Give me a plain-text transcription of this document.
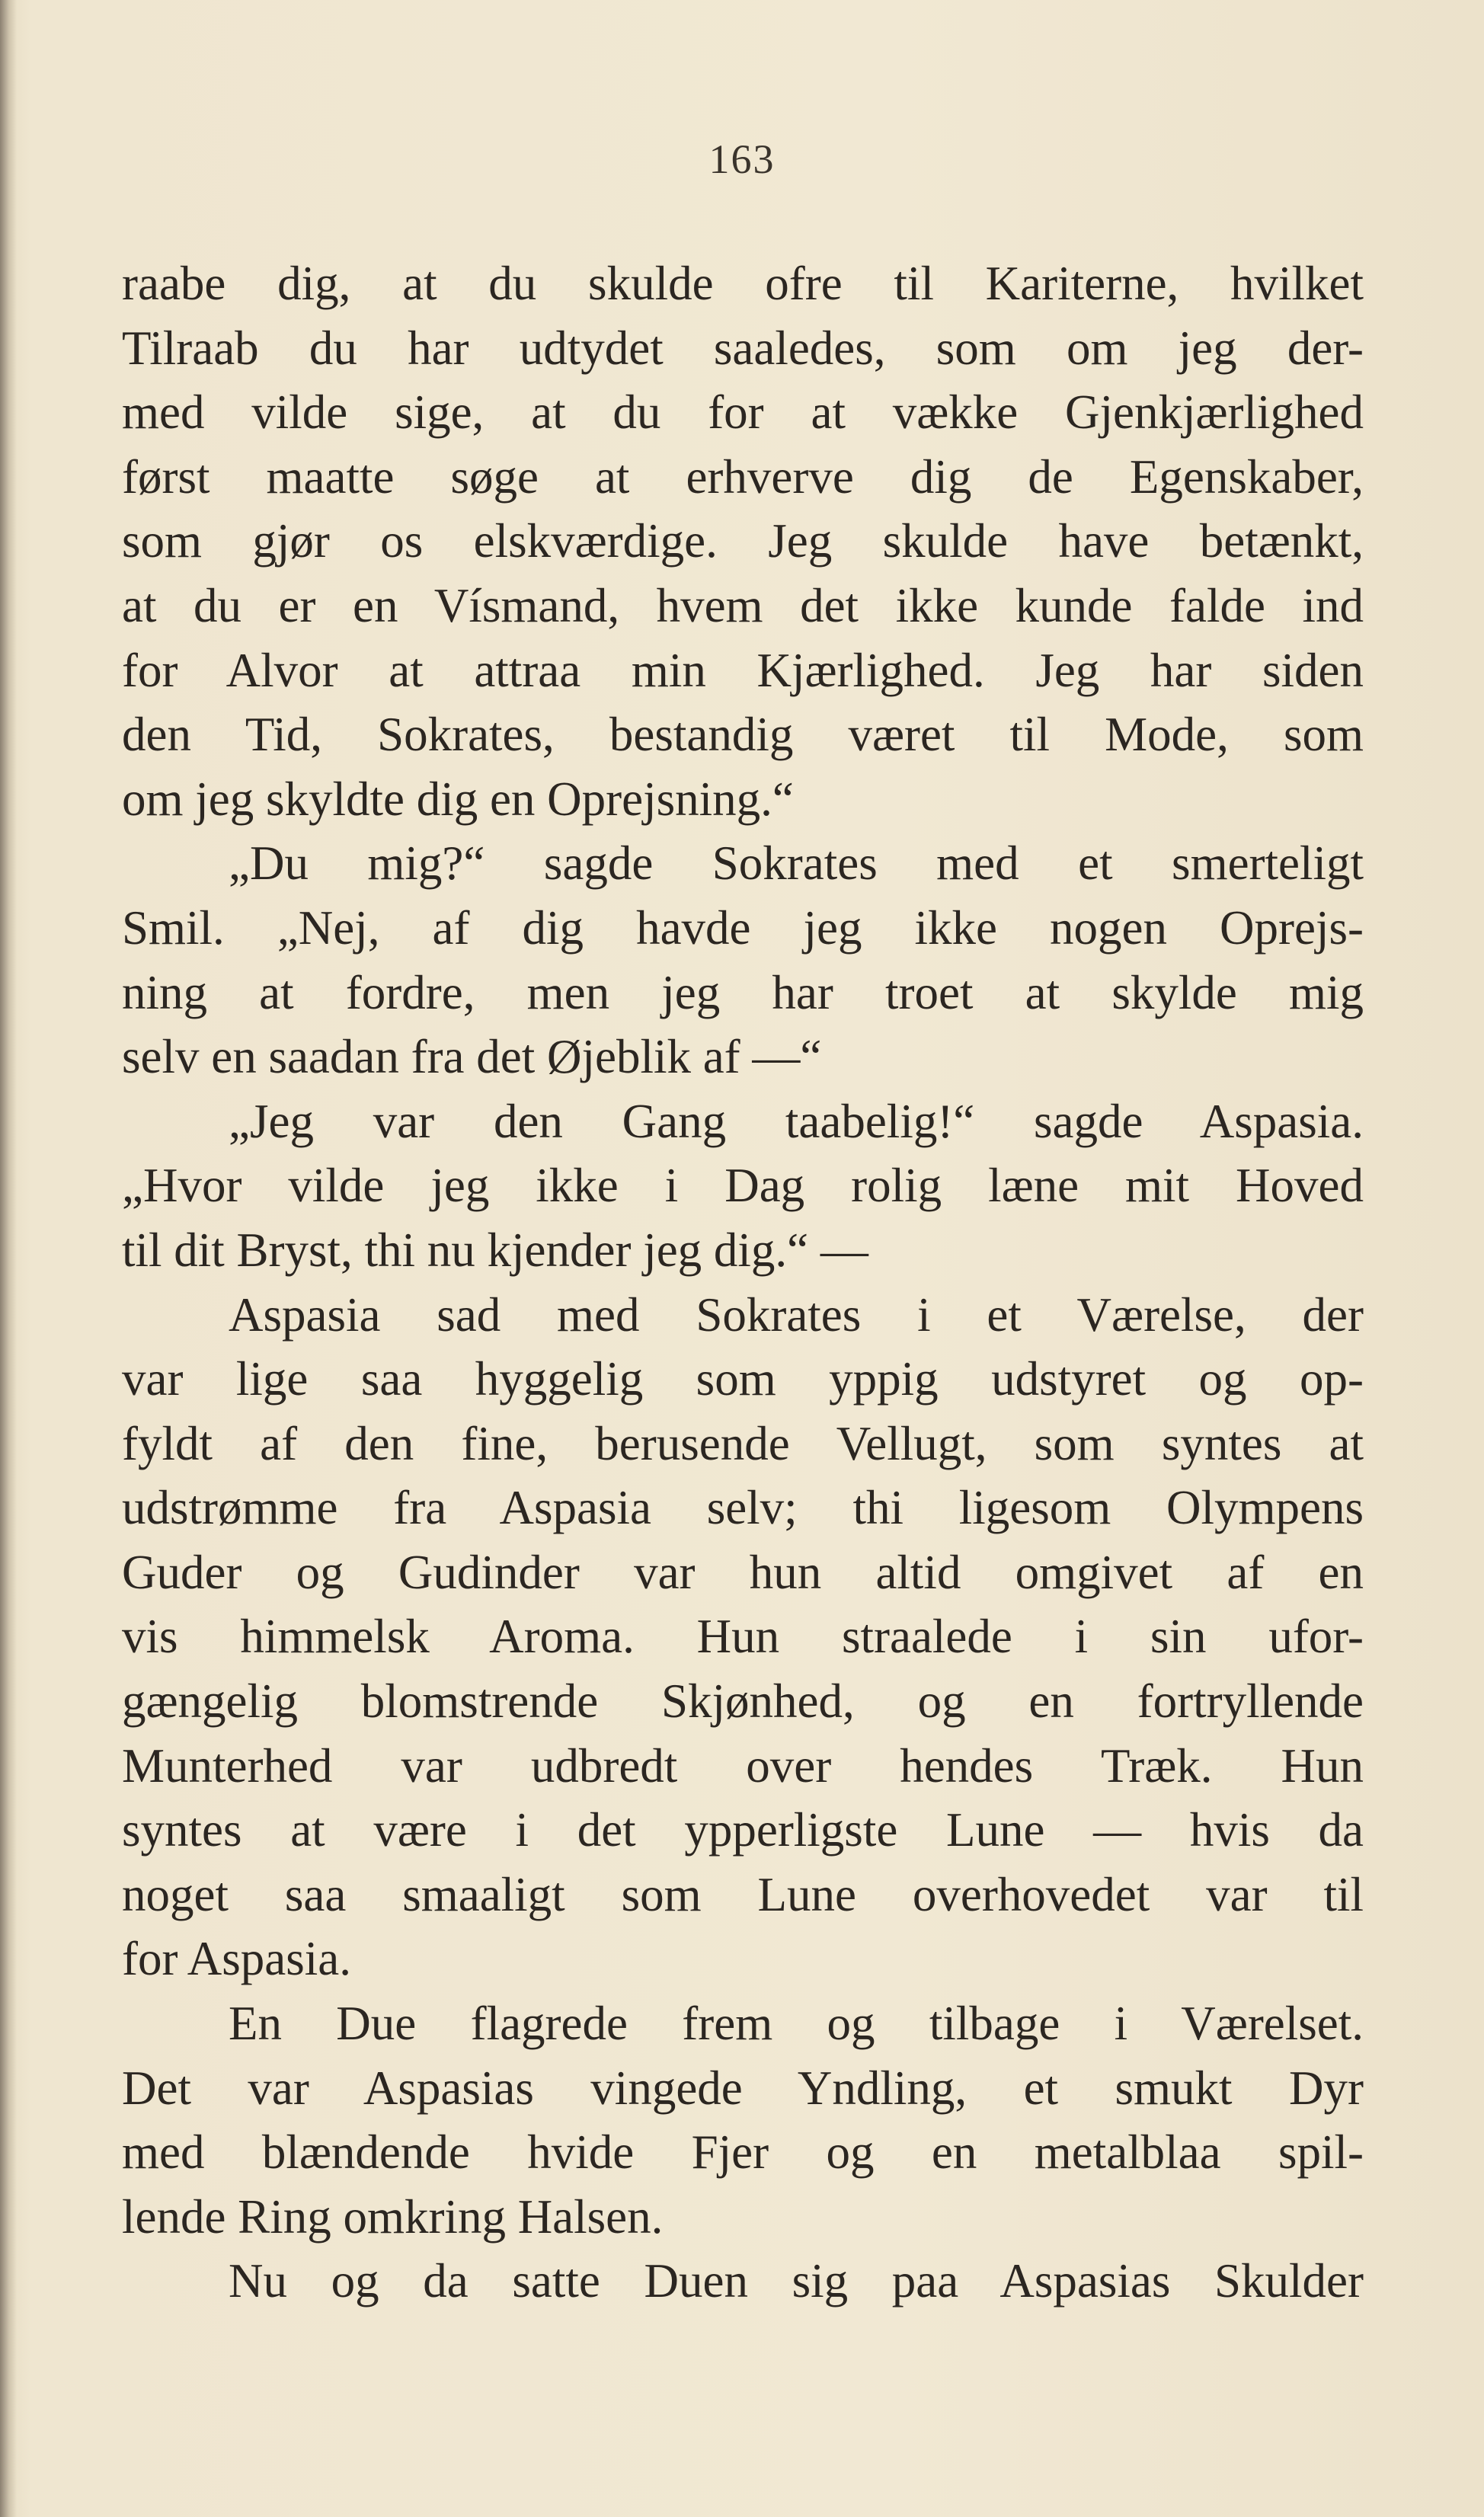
163
raabe dig, at du skulde ofre til Kariterne, hvilket
Tilraab du har udtydet saaledes, som om jeg der-
med vilde sige, at du for at vække Gjenkjærlighed
først maatte søge at erhverve dig de Egenskaber,
som gjør os elskværdige. Jeg skulde have betænkt,
at du er en Vísmand, hvem det ikke kunde falde ind
for Alvor at attraa min Kjærlighed. Jeg har siden
den Tid, Sokrates, bestandig været til Mode, som
om jeg skyldte dig en Oprejsning.“
„Du mig?“ sagde Sokrates med et smerteligt
Smil. „Nej, af dig havde jeg ikke nogen Oprejs-
ning at fordre, men jeg har troet at skylde mig
selv en saadan fra det Øjeblik af —“
„Jeg var den Gang taabelig!“ sagde Aspasia.
„Hvor vilde jeg ikke i Dag rolig læne mit Hoved
til dit Bryst, thi nu kjender jeg dig.“ —
Aspasia sad med Sokrates i et Værelse, der
var lige saa hyggelig som yppig udstyret og op-
fyldt af den fine, berusende Vellugt, som syntes at
udstrømme fra Aspasia selv; thi ligesom Olympens
Guder og Gudinder var hun altid omgivet af en
vis himmelsk Aroma. Hun straalede i sin ufor-
gængelig blomstrende Skjønhed, og en fortryllende
Munterhed var udbredt over hendes Træk. Hun
syntes at være i det ypperligste Lune — hvis da
noget saa smaaligt som Lune overhovedet var til
for Aspasia.
En Due flagrede frem og tilbage i Værelset.
Det var Aspasias vingede Yndling, et smukt Dyr
med blændende hvide Fjer og en metalblaa spil-
lende Ring omkring Halsen.
Nu og da satte Duen sig paa Aspasias Skulder
